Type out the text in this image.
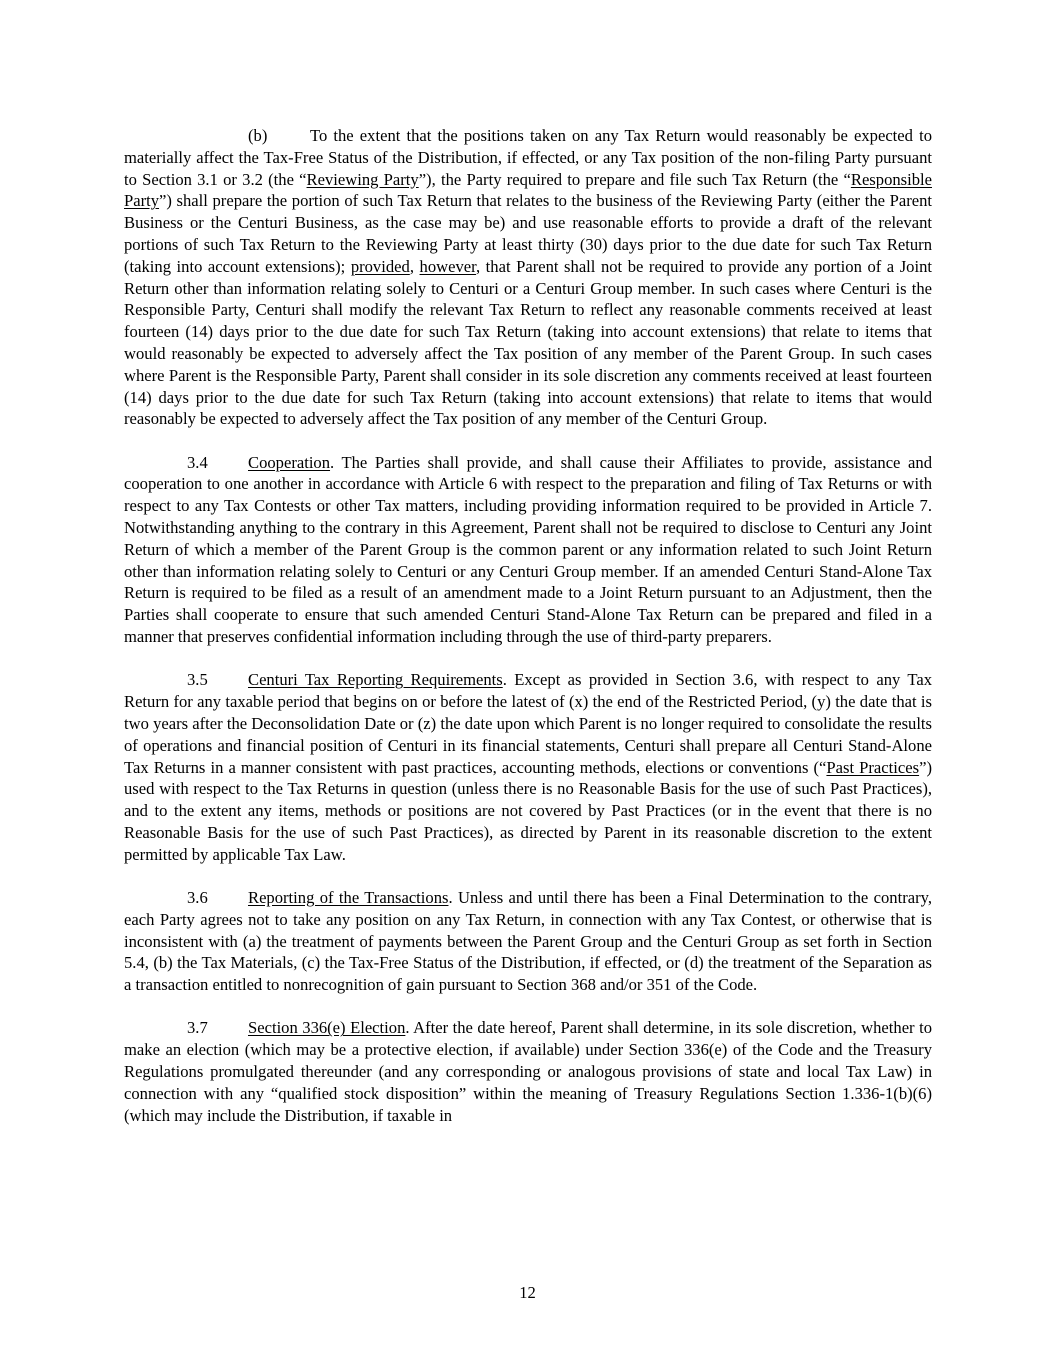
(b)	To the extent that the positions taken on any Tax Return would reasonably be expected to materially affect the Tax-Free Status of the Distribution, if effected, or any Tax position of the non-filing Party pursuant to Section 3.1 or 3.2 (the “Reviewing Party”), the Party required to prepare and file such Tax Return (the “Responsible Party”) shall prepare the portion of such Tax Return that relates to the business of the Reviewing Party (either the Parent Business or the Centuri Business, as the case may be) and use reasonable efforts to provide a draft of the relevant portions of such Tax Return to the Reviewing Party at least thirty (30) days prior to the due date for such Tax Return (taking into account extensions); provided, however, that Parent shall not be required to provide any portion of a Joint Return other than information relating solely to Centuri or a Centuri Group member. In such cases where Centuri is the Responsible Party, Centuri shall modify the relevant Tax Return to reflect any reasonable comments received at least fourteen (14) days prior to the due date for such Tax Return (taking into account extensions) that relate to items that would reasonably be expected to adversely affect the Tax position of any member of the Parent Group. In such cases where Parent is the Responsible Party, Parent shall consider in its sole discretion any comments received at least fourteen (14) days prior to the due date for such Tax Return (taking into account extensions) that relate to items that would reasonably be expected to adversely affect the Tax position of any member of the Centuri Group.

3.4 Cooperation. The Parties shall provide, and shall cause their Affiliates to provide, assistance and cooperation to one another in accordance with Article 6 with respect to the preparation and filing of Tax Returns or with respect to any Tax Contests or other Tax matters, including providing information required to be provided in Article 7. Notwithstanding anything to the contrary in this Agreement, Parent shall not be required to disclose to Centuri any Joint Return of which a member of the Parent Group is the common parent or any information related to such Joint Return other than information relating solely to Centuri or any Centuri Group member. If an amended Centuri Stand-Alone Tax Return is required to be filed as a result of an amendment made to a Joint Return pursuant to an Adjustment, then the Parties shall cooperate to ensure that such amended Centuri Stand-Alone Tax Return can be prepared and filed in a manner that preserves confidential information including through the use of third-party preparers.

3.5 Centuri Tax Reporting Requirements. Except as provided in Section 3.6, with respect to any Tax Return for any taxable period that begins on or before the latest of (x) the end of the Restricted Period, (y) the date that is two years after the Deconsolidation Date or (z) the date upon which Parent is no longer required to consolidate the results of operations and financial position of Centuri in its financial statements, Centuri shall prepare all Centuri Stand-Alone Tax Returns in a manner consistent with past practices, accounting methods, elections or conventions (“Past Practices”) used with respect to the Tax Returns in question (unless there is no Reasonable Basis for the use of such Past Practices), and to the extent any items, methods or positions are not covered by Past Practices (or in the event that there is no Reasonable Basis for the use of such Past Practices), as directed by Parent in its reasonable discretion to the extent permitted by applicable Tax Law.

3.6 Reporting of the Transactions. Unless and until there has been a Final Determination to the contrary, each Party agrees not to take any position on any Tax Return, in connection with any Tax Contest, or otherwise that is inconsistent with (a) the treatment of payments between the Parent Group and the Centuri Group as set forth in Section 5.4, (b) the Tax Materials, (c) the Tax-Free Status of the Distribution, if effected, or (d) the treatment of the Separation as a transaction entitled to nonrecognition of gain pursuant to Section 368 and/or 351 of the Code.

3.7 Section 336(e) Election. After the date hereof, Parent shall determine, in its sole discretion, whether to make an election (which may be a protective election, if available) under Section 336(e) of the Code and the Treasury Regulations promulgated thereunder (and any corresponding or analogous provisions of state and local Tax Law) in connection with any “qualified stock disposition” within the meaning of Treasury Regulations Section 1.336-1(b)(6) (which may include the Distribution, if taxable in

12
